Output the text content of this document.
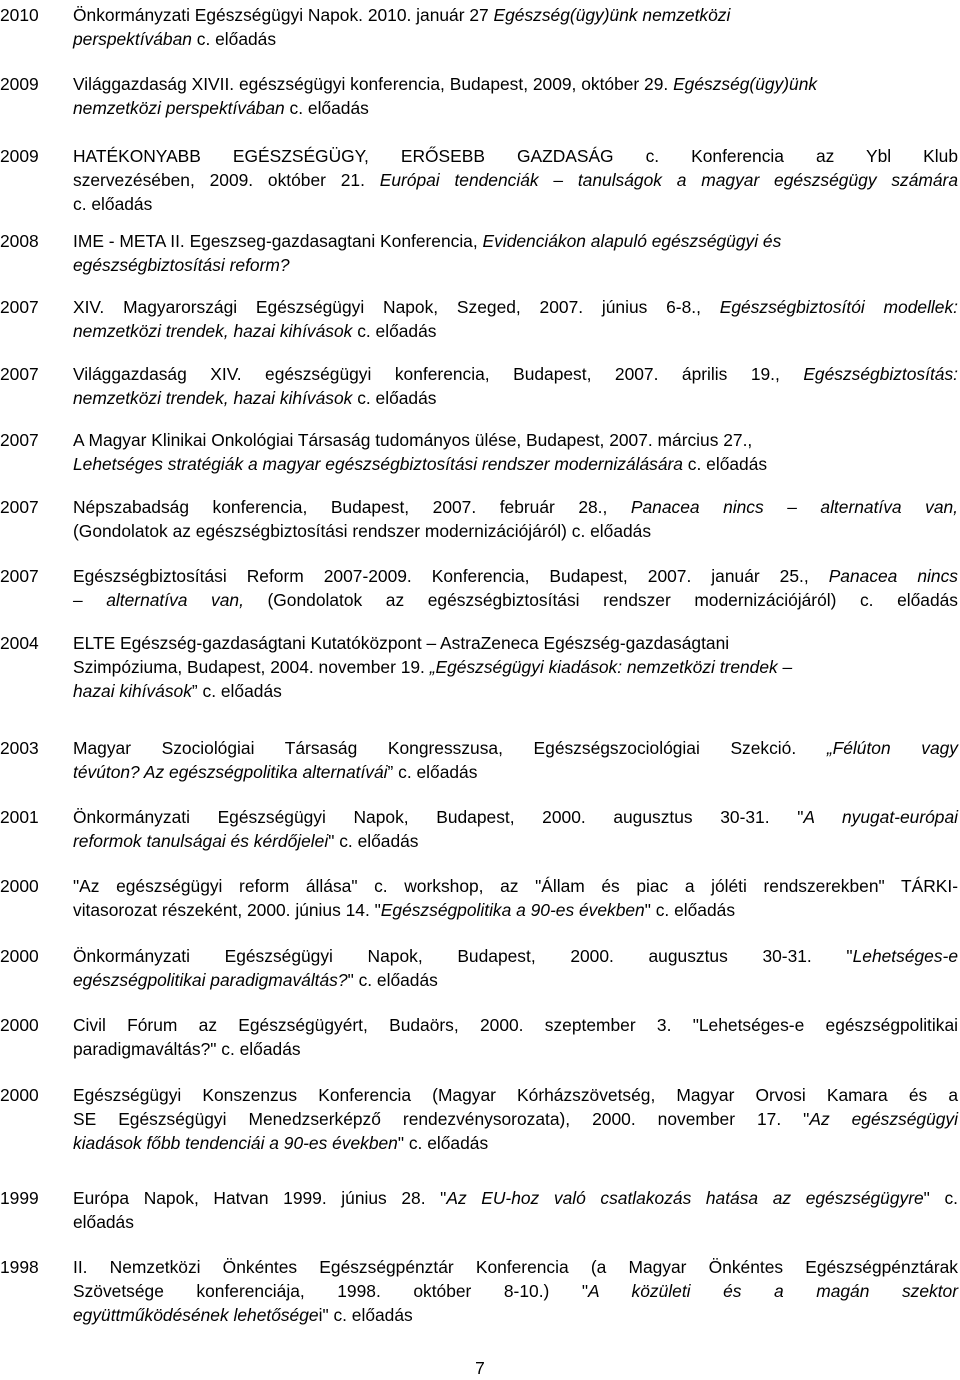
2010	Önkormányzati Egészségügyi Napok. 2010. január 27 Egészség(ügy)ünk nemzetközi
perspektívában c. előadás
2009	Világgazdaság XIVII. egészségügyi konferencia, Budapest, 2009, október 29. Egészség(ügy)ünk
nemzetközi perspektívában c. előadás
2009	HATÉKONYABB EGÉSZSÉGÜGY, ERŐSEBB GAZDASÁG c. Konferencia az Ybl Klub
szervezésében, 2009. október 21. Európai tendenciák – tanulságok a magyar egészségügy számára
c. előadás
2008	IME - META II. Egeszseg-gazdasagtani Konferencia, Evidenciákon alapuló egészségügyi és
egészségbiztosítási reform?
2007	XIV. Magyarországi Egészségügyi Napok, Szeged, 2007. június 6-8., Egészségbiztosítói modellek:
nemzetközi trendek, hazai kihívások c. előadás
2007	Világgazdaság XIV. egészségügyi konferencia, Budapest, 2007. április 19., Egészségbiztosítás:
nemzetközi trendek, hazai kihívások c. előadás
2007	A Magyar Klinikai Onkológiai Társaság tudományos ülése, Budapest, 2007. március 27.,
Lehetséges stratégiák a magyar egészségbiztosítási rendszer modernizálására c. előadás
2007	Népszabadság konferencia, Budapest, 2007. február 28., Panacea nincs – alternatíva van,
(Gondolatok az egészségbiztosítási rendszer modernizációjáról) c. előadás
2007	Egészségbiztosítási Reform 2007-2009. Konferencia, Budapest, 2007. január 25., Panacea nincs
– alternatíva van, (Gondolatok az egészségbiztosítási rendszer modernizációjáról) c. előadás
2004	ELTE Egészség-gazdaságtani Kutatóközpont – AstraZeneca Egészség-gazdaságtani
Szimpóziuma, Budapest, 2004. november 19. „Egészségügyi kiadások: nemzetközi trendek –
hazai kihívások” c. előadás
2003	Magyar Szociológiai Társaság Kongresszusa, Egészségszociológiai Szekció. „Félúton vagy
tévúton? Az egészségpolitika alternatívái” c. előadás
2001	Önkormányzati Egészségügyi Napok, Budapest, 2000. augusztus 30-31. "A nyugat-európai
reformok tanulságai és kérdőjelei" c. előadás
2000	"Az egészségügyi reform állása" c. workshop, az "Állam és piac a jóléti rendszerekben" TÁRKI-
vitasorozat részeként, 2000. június 14. "Egészségpolitika a 90-es években" c. előadás
2000	Önkormányzati Egészségügyi Napok, Budapest, 2000. augusztus 30-31. "Lehetséges-e
egészségpolitikai paradigmaváltás?" c. előadás
2000	Civil Fórum az Egészségügyért, Budaörs, 2000. szeptember 3. "Lehetséges-e egészségpolitikai
paradigmaváltás?" c. előadás
2000	Egészségügyi Konszenzus Konferencia (Magyar Kórházszövetség, Magyar Orvosi Kamara és a
SE Egészségügyi Menedzserképző rendezvénysorozata), 2000. november 17. "Az egészségügyi
kiadások főbb tendenciái a 90-es években" c. előadás
1999	Európa Napok, Hatvan 1999. június 28. "Az EU-hoz való csatlakozás hatása az egészségügyre" c.
előadás
1998	II. Nemzetközi Önkéntes Egészségpénztár Konferencia (a Magyar Önkéntes Egészségpénztárak
Szövetsége konferenciája, 1998. október 8-10.) "A közületi és a magán szektor
együttműködésének lehetőségei" c. előadás
7
